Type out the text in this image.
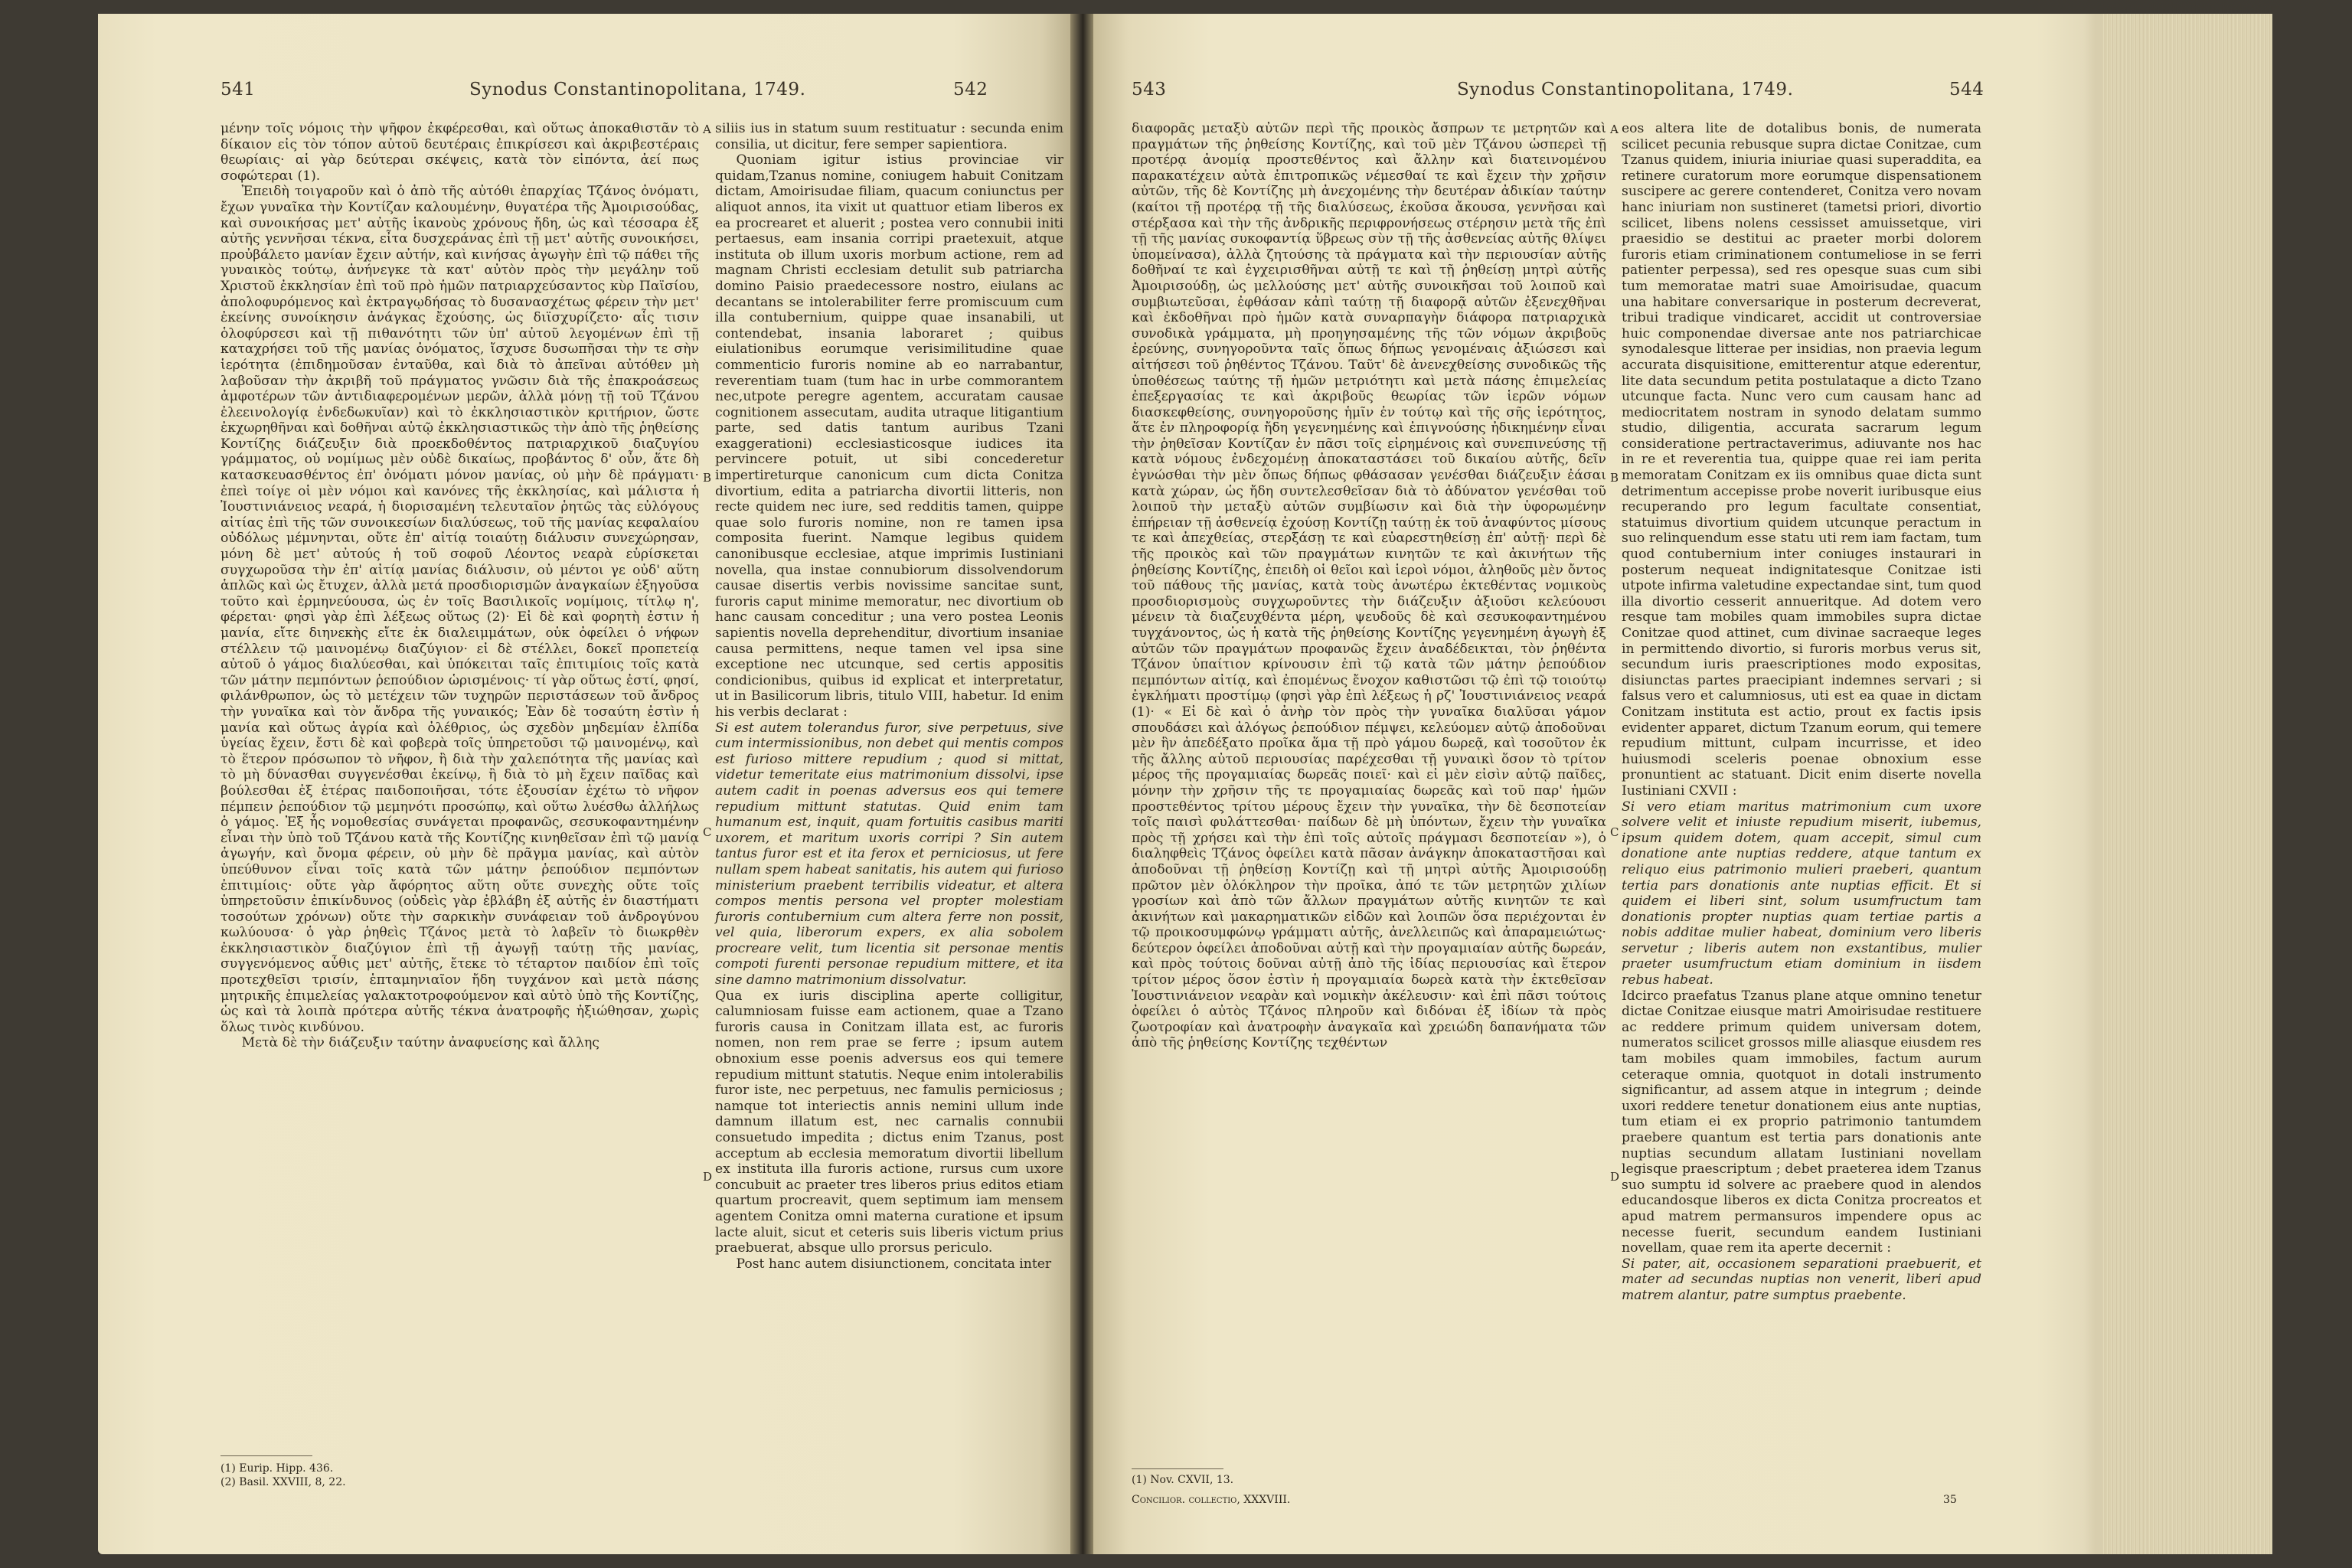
541	Synodus Constantinopolitana, 1749.	542

μένην τοῖς νόμοις τὴν ψῆφον ἐκφέρεσθαι, καὶ οὕτως ἀποκαθιστᾶν τὸ δίκαιον εἰς τὸν τόπον αὐτοῦ δευτέραις ἐπικρίσεσι καὶ ἀκριβεστέραις θεωρίαις· αἱ γὰρ δεύτεραι σκέψεις, κατὰ τὸν εἰπόντα, ἀεί πως σοφώτεραι (1).

Ἐπειδὴ τοιγαροῦν καὶ ὁ ἀπὸ τῆς αὐτόθι ἐπαρχίας Τζάνος ὀνόματι, ἔχων γυναῖκα τὴν Κοντίζαν καλουμένην, θυγατέρα τῆς Ἀμοιρισούδας, καὶ συνοικήσας μετ' αὐτῆς ἱκανοὺς χρόνους ἤδη, ὡς καὶ τέσσαρα ἐξ αὐτῆς γεννῆσαι τέκνα, εἶτα δυσχεράνας ἐπὶ τῇ μετ' αὐτῆς συνοικήσει, προὐβάλετο μανίαν ἔχειν αὐτήν, καὶ κινήσας ἀγωγὴν ἐπὶ τῷ πάθει τῆς γυναικὸς τούτῳ, ἀνήνεγκε τὰ κατ' αὐτὸν πρὸς τὴν μεγάλην τοῦ Χριστοῦ ἐκκλησίαν ἐπὶ τοῦ πρὸ ἡμῶν πατριαρχεύσαντος κὺρ Παϊσίου, ἀπολοφυρόμενος καὶ ἐκτραγῳδήσας τὸ δυσανασχέτως φέρειν τὴν μετ' ἐκείνης συνοίκησιν ἀνάγκας ἔχούσης, ὡς διϊσχυρίζετο· αἷς τισιν ὁλοφύρσεσι καὶ τῇ πιθανότητι τῶν ὑπ' αὐτοῦ λεγομένων ἐπὶ τῇ καταχρήσει τοῦ τῆς μανίας ὀνόματος, ἴσχυσε δυσωπῆσαι τὴν τε σὴν ἱερότητα (ἐπιδημοῦσαν ἐνταῦθα, καὶ διὰ τὸ ἀπεῖναι αὐτόθεν μὴ λαβοῦσαν τὴν ἀκριβῆ τοῦ πράγματος γνῶσιν διὰ τῆς ἐπακροάσεως ἀμφοτέρων τῶν ἀντιδιαφερομένων μερῶν, ἀλλὰ μόνῃ τῇ τοῦ Τζάνου ἐλεεινολογίᾳ ἐνδεδωκυῖαν) καὶ τὸ ἐκκλησιαστικὸν κριτήριον, ὥστε ἐκχωρηθῆναι καὶ δοθῆναι αὐτῷ ἐκκλησιαστικῶς τὴν ἀπὸ τῆς ῥηθείσης Κοντίζης διάζευξιν διὰ προεκδοθέντος πατριαρχικοῦ διαζυγίου γράμματος, οὐ νομίμως μὲν οὐδὲ δικαίως, προβάντος δ' οὖν, ἅτε δὴ κατασκευασθέντος ἐπ' ὀνόματι μόνον μανίας, οὐ μὴν δὲ πράγματι· ἐπεὶ τοίγε οἱ μὲν νόμοι καὶ κανόνες τῆς ἐκκλησίας, καὶ μάλιστα ἡ Ἰουστινιάνειος νεαρά, ἡ διορισαμένη τελευταῖον ῥητῶς τὰς εὐλόγους αἰτίας ἐπὶ τῆς τῶν συνοικεσίων διαλύσεως, τοῦ τῆς μανίας κεφαλαίου οὐδόλως μέμνηνται, οὔτε ἐπ' αἰτίᾳ τοιαύτῃ διάλυσιν συνεχώρησαν, μόνη δὲ μετ' αὐτούς ἡ τοῦ σοφοῦ Λέοντος νεαρὰ εὑρίσκεται συγχωροῦσα τὴν ἐπ' αἰτίᾳ μανίας διάλυσιν, οὐ μέντοι γε οὐδ' αὕτη ἁπλῶς καὶ ὡς ἔτυχεν, ἀλλὰ μετά προσδιορισμῶν ἀναγκαίων ἐξηγοῦσα τοῦτο καὶ ἑρμηνεύουσα, ὡς ἐν τοῖς Βασιλικοῖς νομίμοις, τίτλῳ η', φέρεται· φησὶ γὰρ ἐπὶ λέξεως οὕτως (2)· Εἰ δὲ καὶ φορητὴ ἐστιν ἡ μανία, εἴτε διηνεκὴς εἴτε ἐκ διαλειμμάτων, οὐκ ὀφείλει ὁ νήφων στέλλειν τῷ μαινομένῳ διαζύγιον· εἰ δὲ στέλλει, δοκεῖ προπετείᾳ αὐτοῦ ὁ γάμος διαλύεσθαι, καὶ ὑπόκειται ταῖς ἐπιτιμίοις τοῖς κατὰ τῶν μάτην πεμπόντων ῥεπούδιον ὡρισμένοις· τί γὰρ οὕτως ἐστί, φησί, φιλάνθρωπον, ὡς τὸ μετέχειν τῶν τυχηρῶν περιστάσεων τοῦ ἄνδρος τὴν γυναῖκα καὶ τὸν ἄνδρα τῆς γυναικός; Ἐὰν δὲ τοσαύτη ἐστὶν ἡ μανία καὶ οὕτως ἀγρία καὶ ὀλέθριος, ὡς σχεδὸν μηδεμίαν ἐλπίδα ὑγείας ἔχειν, ἔστι δὲ καὶ φοβερὰ τοῖς ὑπηρετοῦσι τῷ μαινομένῳ, καὶ τὸ ἕτερον πρόσωπον τὸ νῆφον, ἢ διὰ τὴν χαλεπότητα τῆς μανίας καὶ τὸ μὴ δύνασθαι συγγενέσθαι ἐκείνῳ, ἢ διὰ τὸ μὴ ἔχειν παῖδας καὶ βούλεσθαι ἐξ ἑτέρας παιδοποιῆσαι, τότε ἐξουσίαν ἐχέτω τὸ νῆφον πέμπειν ῥεπούδιον τῷ μεμηνότι προσώπῳ, καὶ οὕτω λυέσθω ἀλλήλως ὁ γάμος. Ἐξ ἧς νομοθεσίας συνάγεται προφανῶς, σεσυκοφαντημένην εἶναι τὴν ὑπὸ τοῦ Τζάνου κατὰ τῆς Κοντίζης κινηθεῖσαν ἐπὶ τῷ μανίᾳ ἀγωγήν, καὶ ὄνομα φέρειν, οὐ μὴν δὲ πρᾶγμα μανίας, καὶ αὐτὸν ὑπεύθυνον εἶναι τοῖς κατὰ τῶν μάτην ῥεπούδιον πεμπόντων ἐπιτιμίοις· οὔτε γὰρ ἄφόρητος αὕτη οὔτε συνεχὴς οὔτε τοῖς ὑπηρετοῦσιν ἐπικίνδυνος (οὐδεὶς γὰρ ἐβλάβη ἐξ αὐτῆς ἐν διαστήματι τοσούτων χρόνων) οὔτε τὴν σαρκικὴν συνάφειαν τοῦ ἀνδρογύνου κωλύουσα· ὁ γὰρ ῥηθεὶς Τζάνος μετὰ τὸ λαβεῖν τὸ διωκρθὲν ἐκκλησιαστικὸν διαζύγιον ἐπὶ τῇ ἀγωγῇ ταύτῃ τῆς μανίας, συγγενόμενος αὖθις μετ' αὐτῆς, ἔτεκε τὸ τέταρτον παιδίον ἐπὶ τοῖς προτεχθεῖσι τρισίν, ἑπταμηνιαῖον ἤδη τυγχάνον καὶ μετὰ πάσης μητρικῆς ἐπιμελείας γαλακτοτροφούμενον καὶ αὐτὸ ὑπὸ τῆς Κοντίζης, ὡς καὶ τὰ λοιπὰ πρότερα αὐτῆς τέκνα ἀνατροφῆς ἠξιώθησαν, χωρὶς ὅλως τινὸς κινδύνου.

Μετὰ δὲ τὴν διάζευξιν ταύτην ἀναφυείσης καὶ ἄλλης

siliis ius in statum suum restituatur : secunda enim consilia, ut dicitur, fere semper sapientiora.

Quoniam igitur istius provinciae vir quidam,Tzanus nomine, coniugem habuit Conitzam dictam, Amoirisudae filiam, quacum coniunctus per aliquot annos, ita vixit ut quattuor etiam liberos ex ea procrearet et aluerit ; postea vero connubii initi pertaesus, eam insania corripi praetexuit, atque instituta ob illum uxoris morbum actione, rem ad magnam Christi ecclesiam detulit sub patriarcha domino Paisio praedecessore nostro, eiulans ac decantans se intolerabiliter ferre promiscuum cum illa contubernium, quippe quae insanabili, ut contendebat, insania laboraret ; quibus eiulationibus eorumque verisimilitudine quae commenticio furoris nomine ab eo narrabantur, reverentiam tuam (tum hac in urbe commorantem nec,utpote peregre agentem, accuratam causae cognitionem assecutam, audita utraque litigantium parte, sed datis tantum auribus Tzani exaggerationi) ecclesiasticosque iudices ita pervincere potuit, ut sibi concederetur impertireturque canonicum cum dicta Conitza divortium, edita a patriarcha divortii litteris, non recte quidem nec iure, sed redditis tamen, quippe quae solo furoris nomine, non re tamen ipsa composita fuerint. Namque legibus quidem canonibusque ecclesiae, atque imprimis Iustiniani novella, qua instae connubiorum dissolvendorum causae disertis verbis novissime sancitae sunt, furoris caput minime memoratur, nec divortium ob hanc causam conceditur ; una vero postea Leonis sapientis novella deprehenditur, divortium insaniae causa permittens, neque tamen vel ipsa sine exceptione nec utcunque, sed certis appositis condicionibus, quibus id explicat et interpretatur, ut in Basilicorum libris, titulo VIII, habetur. Id enim his verbis declarat :

Si est autem tolerandus furor, sive perpetuus, sive cum intermissionibus, non debet qui mentis compos est furioso mittere repudium ; quod si mittat, videtur temeritate eius matrimonium dissolvi, ipse autem cadit in poenas adversus eos qui temere repudium mittunt statutas. Quid enim tam humanum est, inquit, quam fortuitis casibus mariti uxorem, et maritum uxoris corripi ? Sin autem tantus furor est et ita ferox et perniciosus, ut fere nullam spem habeat sanitatis, his autem qui furioso ministerium praebent terribilis videatur, et altera compos mentis persona vel propter molestiam furoris contubernium cum altera ferre non possit, vel quia, liberorum expers, ex alia sobolem procreare velit, tum licentia sit personae mentis compoti furenti personae repudium mittere, et ita sine damno matrimonium dissolvatur.

Qua ex iuris disciplina aperte colligitur, calumniosam fuisse eam actionem, quae a Tzano furoris causa in Conitzam illata est, ac furoris nomen, non rem prae se ferre ; ipsum autem obnoxium esse poenis adversus eos qui temere repudium mittunt statutis. Neque enim intolerabilis furor iste, nec perpetuus, nec famulis perniciosus ; namque tot interiectis annis nemini ullum inde damnum illatum est, nec carnalis connubii consuetudo impedita ; dictus enim Tzanus, post acceptum ab ecclesia memoratum divortii libellum ex instituta illa furoris actione, rursus cum uxore concubuit ac praeter tres liberos prius editos etiam quartum procreavit, quem septimum iam mensem agentem Conitza omni materna curatione et ipsum lacte aluit, sicut et ceteris suis liberis victum prius praebuerat, absque ullo prorsus periculo.

Post hanc autem disiunctionem, concitata inter

A
B
C
D
(1) Eurip. Hipp. 436.
(2) Basil. XXVIII, 8, 22.
543	Synodus Constantinopolitana, 1749.	544

διαφορᾶς μεταξὺ αὐτῶν περὶ τῆς προικὸς ἄσπρων τε μετρητῶν καὶ πραγμάτων τῆς ῥηθείσης Κοντίζης, καὶ τοῦ μὲν Τζάνου ὡσπερεὶ τῇ προτέρᾳ ἀνομίᾳ προστεθέντος καὶ ἄλλην καὶ διατεινομένου παρακατέχειν αὐτὰ ἐπιτροπικῶς νέμεσθαί τε καὶ ἔχειν τὴν χρῆσιν αὐτῶν, τῆς δὲ Κοντίζης μὴ ἀνεχομένης τὴν δευτέραν ἀδικίαν ταύτην (καίτοι τῇ προτέρᾳ τῇ τῆς διαλύσεως, ἑκοῦσα ἄκουσα, γεννῆσαι καὶ στέρξασα καὶ τὴν τῆς ἀνδρικῆς περιφρονήσεως στέρησιν μετὰ τῆς ἐπὶ τῇ τῆς μανίας συκοφαντίᾳ ὕβρεως σὺν τῇ τῆς ἀσθενείας αὐτῆς θλίψει ὑπομείνασα), ἀλλὰ ζητούσης τὰ πράγματα καὶ τὴν περιουσίαν αὐτῆς δοθῆναί τε καὶ ἐγχειρισθῆναι αὐτῇ τε καὶ τῇ ῥηθείσῃ μητρὶ αὐτῆς Ἀμοιρισούδῃ, ὡς μελλούσης μετ' αὐτῆς συνοικῆσαι τοῦ λοιποῦ καὶ συμβιωτεῦσαι, ἐφθάσαν κἀπὶ ταύτῃ τῇ διαφορᾷ αὐτῶν ἐξενεχθῆναι καὶ ἐκδοθῆναι πρὸ ἡμῶν κατὰ συναρπαγὴν διάφορα πατριαρχικὰ συνοδικὰ γράμματα, μὴ προηγησαμένης τῆς τῶν νόμων ἀκριβοῦς ἐρεύνης, συνηγοροῦντα ταῖς ὅπως δήπως γενομέναις ἀξιώσεσι καὶ αἰτήσεσι τοῦ ῥηθέντος Τζάνου. Ταῦτ' δὲ ἀνενεχθείσης συνοδικῶς τῆς ὑποθέσεως ταύτης τῇ ἡμῶν μετριότητι καὶ μετὰ πάσης ἐπιμελείας ἐπεξεργασίας τε καὶ ἀκριβοῦς θεωρίας τῶν ἱερῶν νόμων διασκεφθείσης, συνηγοροῦσης ἡμῖν ἐν τούτῳ καὶ τῆς σῆς ἱερότητος, ἅτε ἐν πληροφορίᾳ ἤδη γεγενημένης καὶ ἐπιγνούσης ἠδικημένην εἶναι τὴν ῥηθεῖσαν Κοντίζαν ἐν πᾶσι τοῖς εἰρημένοις καὶ συνεπινεύσης τῇ κατὰ νόμους ἐνδεχομένῃ ἀποκαταστάσει τοῦ δικαίου αὐτῆς, δεῖν ἐγνώσθαι τὴν μὲν ὅπως δήπως φθάσασαν γενέσθαι διάζευξιν ἐάσαι κατὰ χώραν, ὡς ἤδη συντελεσθεῖσαν διὰ τὸ ἀδύνατον γενέσθαι τοῦ λοιποῦ τὴν μεταξὺ αὐτῶν συμβίωσιν καὶ διὰ τὴν ὑφορωμένην ἐπήρειαν τῇ ἀσθενείᾳ ἐχούσῃ Κοντίζῃ ταύτῃ ἐκ τοῦ ἀναφύντος μίσους τε καὶ ἀπεχθείας, στερξάσῃ τε καὶ εὐαρεστηθείσῃ ἐπ' αὐτῇ· περὶ δὲ τῆς προικὸς καὶ τῶν πραγμάτων κινητῶν τε καὶ ἀκινήτων τῆς ῥηθείσης Κοντίζης, ἐπειδὴ οἱ θεῖοι καὶ ἱεροὶ νόμοι, ἀληθοῦς μὲν ὄντος τοῦ πάθους τῆς μανίας, κατὰ τοὺς ἀνωτέρω ἐκτεθέντας νομικοὺς προσδιορισμοὺς συγχωροῦντες τὴν διάζευξιν ἀξιοῦσι κελεύουσι μένειν τὰ διαζευχθέντα μέρη, ψευδοῦς δὲ καὶ σεσυκοφαντημένου τυγχάνοντος, ὡς ἡ κατὰ τῆς ῥηθείσης Κοντίζης γεγενημένη ἀγωγὴ ἐξ αὐτῶν τῶν πραγμάτων προφανῶς ἔχειν ἀναδέδεικται, τὸν ῥηθέντα Τζάνον ὑπαίτιον κρίνουσιν ἐπὶ τῷ κατὰ τῶν μάτην ῥεπούδιον πεμπόντων αἰτίᾳ, καὶ ἐπομένως ἔνοχον καθιστῶσι τῷ ἐπὶ τῷ τοιούτῳ ἐγκλήματι προστίμῳ (φησὶ γὰρ ἐπὶ λέξεως ἡ ρζ' Ἰουστινιάνειος νεαρά (1)· « Εἰ δὲ καὶ ὁ ἀνὴρ τὸν πρὸς τὴν γυναῖκα διαλῦσαι γάμον σπουδάσει καὶ ἀλόγως ῥεπούδιον πέμψει, κελεύομεν αὐτῷ ἀποδοῦναι μὲν ἣν ἀπεδέξατο προῖκα ἅμα τῇ πρὸ γάμου δωρεᾷ, καὶ τοσοῦτον ἐκ τῆς ἄλλης αὐτοῦ περιουσίας παρέχεσθαι τῇ γυναικὶ ὅσον τὸ τρίτον μέρος τῆς προγαμιαίας δωρεᾶς ποιεῖ· καὶ εἰ μὲν εἰσὶν αὐτῷ παῖδες, μόνην τὴν χρῆσιν τῆς τε προγαμιαίας δωρεᾶς καὶ τοῦ παρ' ἡμῶν προστεθέντος τρίτου μέρους ἔχειν τὴν γυναῖκα, τὴν δὲ δεσποτείαν τοῖς παισὶ φυλάττεσθαι· παίδων δὲ μὴ ὑπόντων, ἔχειν τὴν γυναῖκα πρὸς τῇ χρήσει καὶ τὴν ἐπὶ τοῖς αὐτοῖς πράγμασι δεσποτείαν »), ὁ διαληφθεὶς Τζάνος ὀφείλει κατὰ πᾶσαν ἀνάγκην ἀποκαταστῆσαι καὶ ἀποδοῦναι τῇ ῥηθείσῃ Κοντίζῃ καὶ τῇ μητρὶ αὐτῆς Ἀμοιρισούδῃ πρῶτον μὲν ὁλόκληρον τὴν προῖκα, ἀπό τε τῶν μετρητῶν χιλίων γροσίων καὶ ἀπὸ τῶν ἄλλων πραγμάτων αὐτῆς κινητῶν τε καὶ ἀκινήτων καὶ μακαρηματικῶν εἰδῶν καὶ λοιπῶν ὅσα περιέχονται ἐν τῷ προικοσυμφώνῳ γράμματι αὐτῆς, ἀνελλειπῶς καὶ ἀπαραμειώτως· δεύτερον ὀφείλει ἀποδοῦναι αὐτῇ καὶ τὴν προγαμιαίαν αὐτῆς δωρεάν, καὶ πρὸς τούτοις δοῦναι αὐτῇ ἀπὸ τῆς ἰδίας περιουσίας καὶ ἕτερον τρίτον μέρος ὅσον ἐστὶν ἡ προγαμιαία δωρεὰ κατὰ τὴν ἐκτεθεῖσαν Ἰουστινιάνειον νεαρὰν καὶ νομικὴν ἀκέλευσιν· καὶ ἐπὶ πᾶσι τούτοις ὀφείλει ὁ αὐτὸς Τζάνος πληροῦν καὶ διδόναι ἐξ ἰδίων τὰ πρὸς ζωοτροφίαν καὶ ἀνατροφὴν ἀναγκαῖα καὶ χρειώδη δαπανήματα τῶν ἀπὸ τῆς ῥηθείσης Κοντίζης τεχθέντων

eos altera lite de dotalibus bonis, de numerata scilicet pecunia rebusque supra dictae Conitzae, cum Tzanus quidem, iniuria iniuriae quasi superaddita, ea retinere curatorum more eorumque dispensationem suscipere ac gerere contenderet, Conitza vero novam hanc iniuriam non sustineret (tametsi priori, divortio scilicet, libens nolens cessisset amuissetque, viri praesidio se destitui ac praeter morbi dolorem furoris etiam criminationem contumeliose in se ferri patienter perpessa), sed res opesque suas cum sibi tum memoratae matri suae Amoirisudae, quacum una habitare conversarique in posterum decreverat, tribui tradique vindicaret, accidit ut controversiae huic componendae diversae ante nos patriarchicae synodalesque litterae per insidias, non praevia legum accurata disquisitione, emitterentur atque ederentur, lite data secundum petita postulataque a dicto Tzano utcunque facta. Nunc vero cum causam hanc ad mediocritatem nostram in synodo delatam summo studio, diligentia, accurata sacrarum legum consideratione pertractaverimus, adiuvante nos hac in re et reverentia tua, quippe quae rei iam perita memoratam Conitzam ex iis omnibus quae dicta sunt detrimentum accepisse probe noverit iuribusque eius recuperando pro legum facultate consentiat, statuimus divortium quidem utcunque peractum in suo relinquendum esse statu uti rem iam factam, tum quod contubernium inter coniuges instaurari in posterum nequeat indignitatesque Conitzae isti utpote infirma valetudine expectandae sint, tum quod illa divortio cesserit annueritque. Ad dotem vero resque tam mobiles quam immobiles supra dictae Conitzae quod attinet, cum divinae sacraeque leges in permittendo divortio, si furoris morbus verus sit, secundum iuris praescriptiones modo expositas, disiunctas partes praecipiant indemnes servari ; si falsus vero et calumniosus, uti est ea quae in dictam Conitzam instituta est actio, prout ex factis ipsis evidenter apparet, dictum Tzanum eorum, qui temere repudium mittunt, culpam incurrisse, et ideo huiusmodi sceleris poenae obnoxium esse pronuntient ac statuant. Dicit enim diserte novella Iustiniani CXVII :

Si vero etiam maritus matrimonium cum uxore solvere velit et iniuste repudium miserit, iubemus, ipsum quidem dotem, quam accepit, simul cum donatione ante nuptias reddere, atque tantum ex reliquo eius patrimonio mulieri praeberi, quantum tertia pars donationis ante nuptias efficit. Et si quidem ei liberi sint, solum usumfructum tam donationis propter nuptias quam tertiae partis a nobis additae mulier habeat, dominium vero liberis servetur ; liberis autem non exstantibus, mulier praeter usumfructum etiam dominium in iisdem rebus habeat.

Idcirco praefatus Tzanus plane atque omnino tenetur dictae Conitzae eiusque matri Amoirisudae restituere ac reddere primum quidem universam dotem, numeratos scilicet grossos mille aliasque eiusdem res tam mobiles quam immobiles, factum aurum ceteraque omnia, quotquot in dotali instrumento significantur, ad assem atque in integrum ; deinde uxori reddere tenetur donationem eius ante nuptias, tum etiam ei ex proprio patrimonio tantumdem praebere quantum est tertia pars donationis ante nuptias secundum allatam Iustiniani novellam legisque praescriptum ; debet praeterea idem Tzanus suo sumptu id solvere ac praebere quod in alendos educandosque liberos ex dicta Conitza procreatos et apud matrem permansuros impendere opus ac necesse fuerit, secundum eandem Iustiniani novellam, quae rem ita aperte decernit :

Si pater, ait, occasionem separationi praebuerit, et mater ad secundas nuptias non venerit, liberi apud matrem alantur, patre sumptus praebente.

A
B
C
D
(1) Nov. CXVII, 13.
Concilior. collectio, XXXVIII.	35
